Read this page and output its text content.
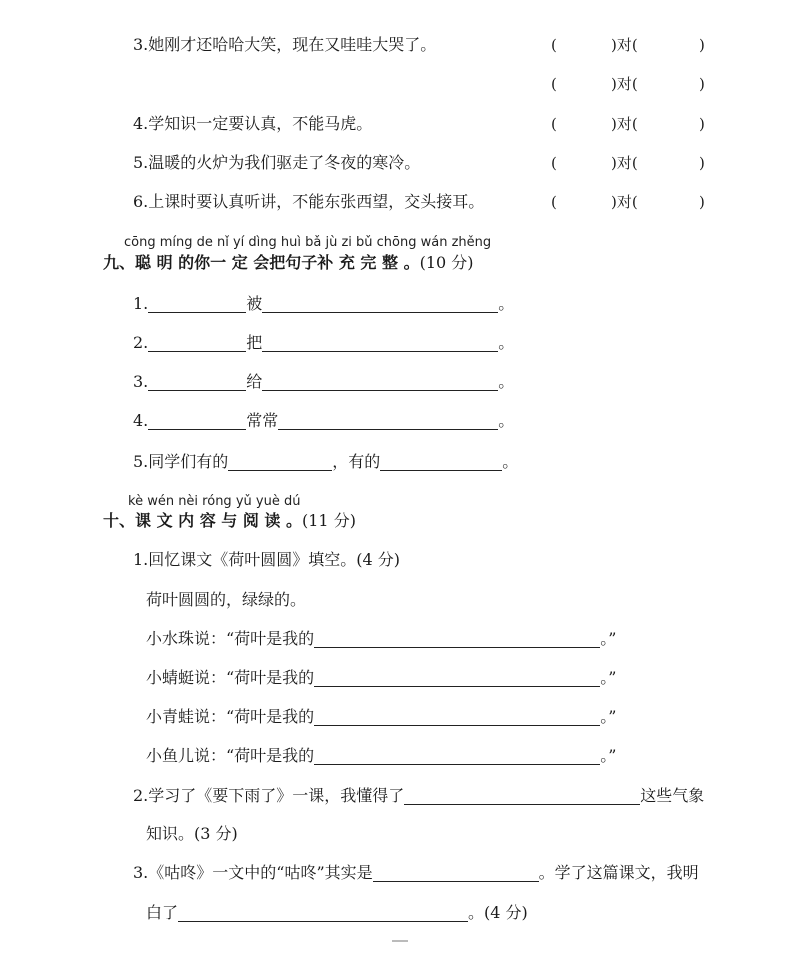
3.她刚才还哈哈大笑，现在又哇哇大哭了。	(	)对(	)
(	)对(	)
4.学知识一定要认真，不能马虎。	(	)对(	)
5.温暖的火炉为我们驱走了冬夜的寒冷。	(	)对(	)
6.上课时要认真听讲，不能东张西望，交头接耳。	(	)对(	)
cōng míng de nǐ yí dìng huì bǎ jù zi bǔ chōng wán zhěng
九、聪 明 的你一 定 会把句子补 充 完 整 。(10 分)
1.	被	。
2.	把	。
3.	给	。
4.	常常	。
5.同学们有的	，有的	。
kè wén nèi róng yǔ yuè dú
十、课 文 内 容 与 阅 读 。(11 分)
1.回忆课文《荷叶圆圆》填空。(4 分)
荷叶圆圆的，绿绿的。
小水珠说：“荷叶是我的	。”
小蜻蜓说：“荷叶是我的	。”
小青蛙说：“荷叶是我的	。”
小鱼儿说：“荷叶是我的	。”
2.学习了《要下雨了》一课，我懂得了	这些气象
知识。(3 分)
3.《咕咚》一文中的“咕咚”其实是	。学了这篇课文，我明
白了	。(4 分)
